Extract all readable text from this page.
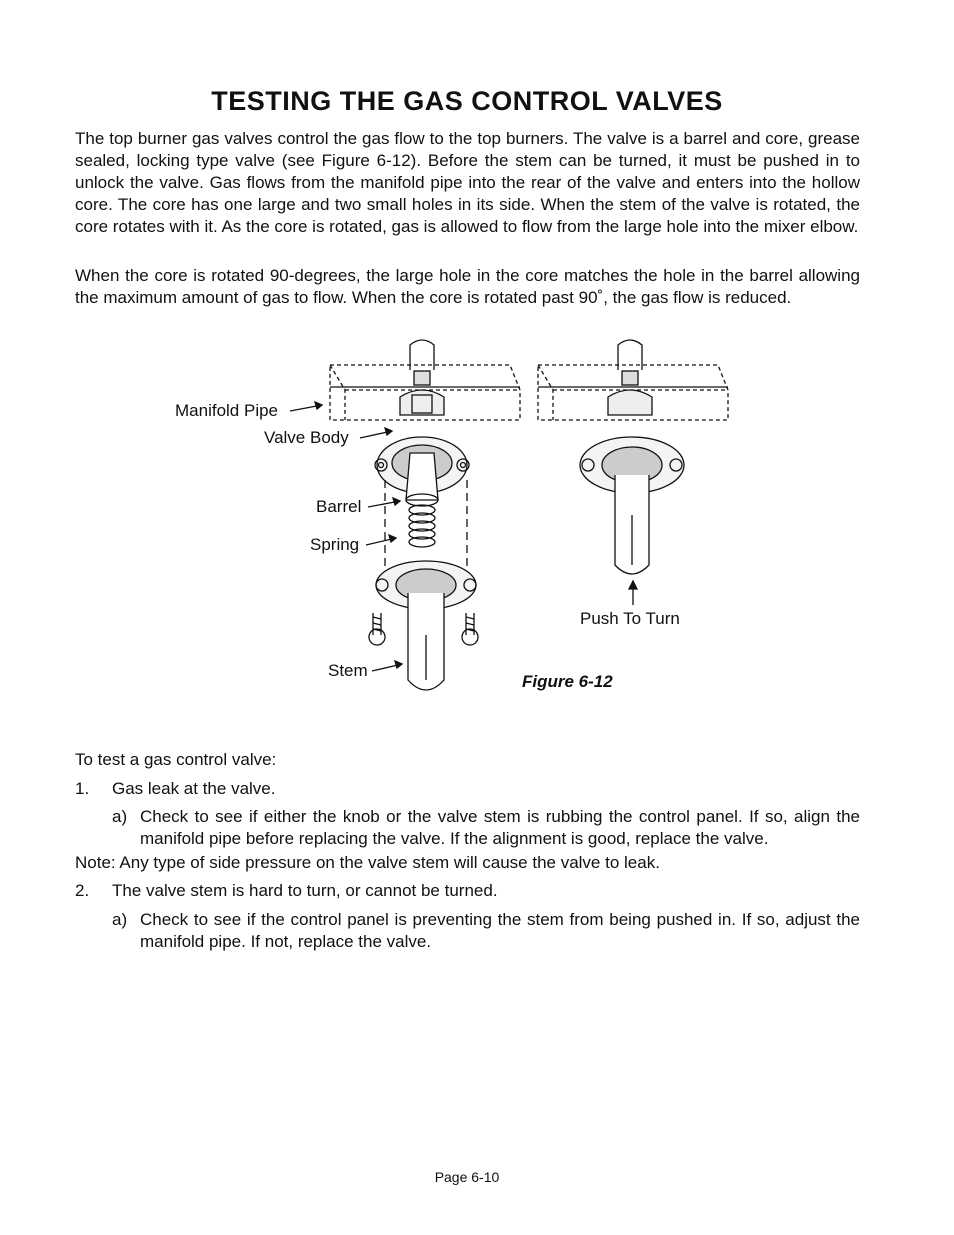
TESTING THE GAS CONTROL VALVES

The top burner gas valves control the gas flow to the top burners. The valve is a barrel and core, grease sealed, locking type valve (see Figure 6-12). Before the stem can be turned, it must be pushed in to unlock the valve. Gas flows from the manifold pipe into the rear of the valve and enters into the hollow core. The core has one large and two small holes in its side. When the stem of the valve is rotated, the core rotates with it. As the core is rotated, gas is allowed to flow from the large hole into the mixer elbow.

When the core is rotated 90-degrees, the large hole in the core matches the hole in the barrel allowing the maximum amount of gas to flow. When the core is rotated past 90˚, the gas flow is reduced.

Manifold Pipe
Valve Body
Barrel
Spring
Stem
Push To Turn
Figure 6-12

To test a gas control valve:

1. Gas leak at the valve.

a) Check to see if either the knob or the valve stem is rubbing the control panel. If so, align the manifold pipe before replacing the valve. If the alignment is good, replace the valve.

Note: Any type of side pressure on the valve stem will cause the valve to leak.

2. The valve stem is hard to turn, or cannot be turned.

a) Check to see if the control panel is preventing the stem from being pushed in. If so, adjust the manifold pipe. If not, replace the valve.

Page 6-10
